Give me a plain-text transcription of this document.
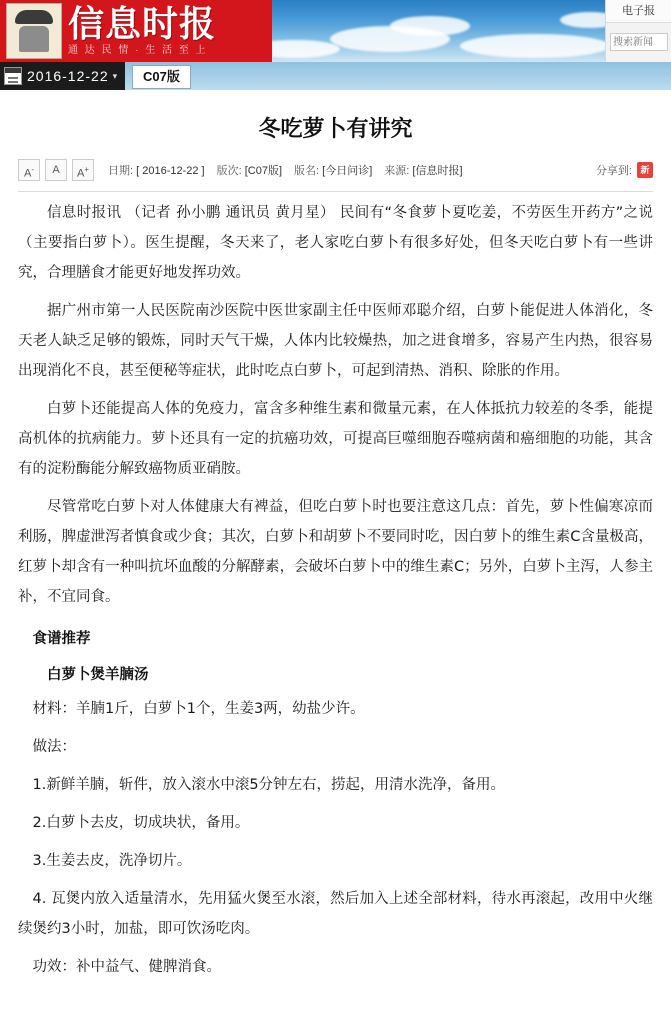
信息时报
通 达 民 情 · 生 活 至 上
电子报
搜索新闻
2016-12-22 ▾	C07版
冬吃萝卜有讲究
A-	A	A+	日期: [ 2016-12-22 ] 版次: [C07版] 版名: [今日问诊] 来源: [信息时报]	分享到: 新

信息时报讯 （记者 孙小鹏 通讯员 黄月星） 民间有“冬食萝卜夏吃姜，不劳医生开药方”之说（主要指白萝卜）。医生提醒，冬天来了，老人家吃白萝卜有很多好处，但冬天吃白萝卜有一些讲究，合理膳食才能更好地发挥功效。

据广州市第一人民医院南沙医院中医世家副主任中医师邓聪介绍，白萝卜能促进人体消化，冬天老人缺乏足够的锻炼，同时天气干燥，人体内比较燥热，加之进食增多，容易产生内热，很容易出现消化不良，甚至便秘等症状，此时吃点白萝卜，可起到清热、消积、除胀的作用。

白萝卜还能提高人体的免疫力，富含多种维生素和微量元素，在人体抵抗力较差的冬季，能提高机体的抗病能力。萝卜还具有一定的抗癌功效，可提高巨噬细胞吞噬病菌和癌细胞的功能，其含有的淀粉酶能分解致癌物质亚硝胺。

尽管常吃白萝卜对人体健康大有裨益，但吃白萝卜时也要注意这几点：首先，萝卜性偏寒凉而利肠，脾虚泄泻者慎食或少食；其次，白萝卜和胡萝卜不要同时吃，因白萝卜的维生素C含量极高，红萝卜却含有一种叫抗坏血酸的分解酵素，会破坏白萝卜中的维生素C；另外，白萝卜主泻，人参主补，不宜同食。

食谱推荐
白萝卜煲羊腩汤

材料：羊腩1斤，白萝卜1个，生姜3两，幼盐少许。

做法：

1.新鲜羊腩，斩件，放入滚水中滚5分钟左右，捞起，用清水洗净，备用。

2.白萝卜去皮，切成块状，备用。

3.生姜去皮，洗净切片。

4. 瓦煲内放入适量清水，先用猛火煲至水滚，然后加入上述全部材料，待水再滚起，改用中火继续煲约3小时，加盐，即可饮汤吃肉。

功效：补中益气、健脾消食。
